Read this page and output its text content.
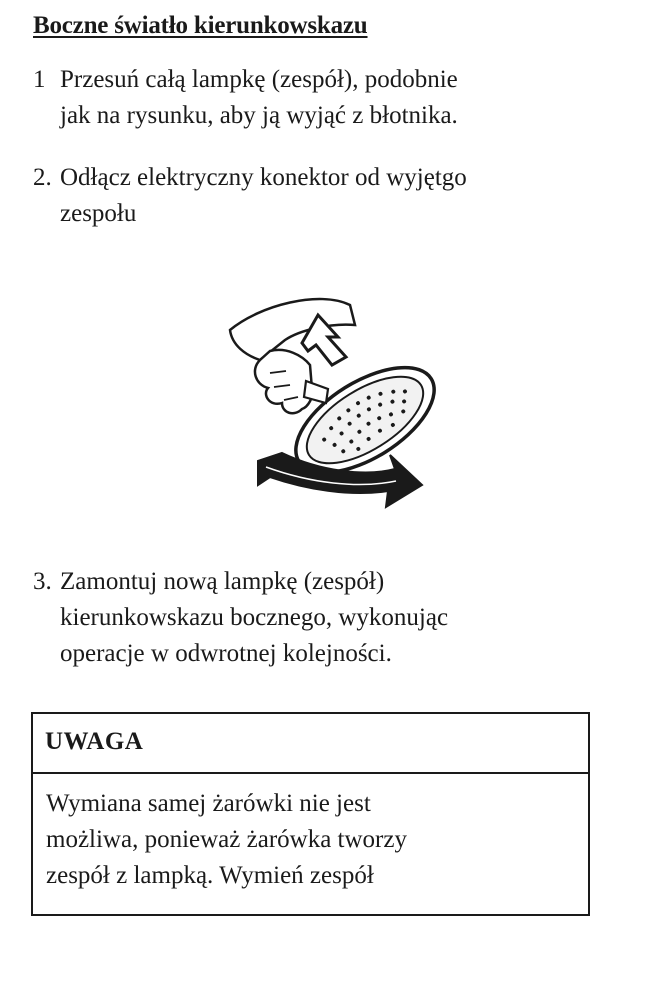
Boczne światło kierunkowskazu
1 Przesuń całą lampkę (zespół), podobnie
jak na rysunku, aby ją wyjąć z błotnika.
2. Odłącz elektryczny konektor od wyjętgo
zespołu
3. Zamontuj nową lampkę (zespół)
kierunkowskazu bocznego, wykonując
operacje w odwrotnej kolejności.
UWAGA
Wymiana samej żarówki nie jest
możliwa, ponieważ żarówka tworzy
zespół z lampką. Wymień zespół
